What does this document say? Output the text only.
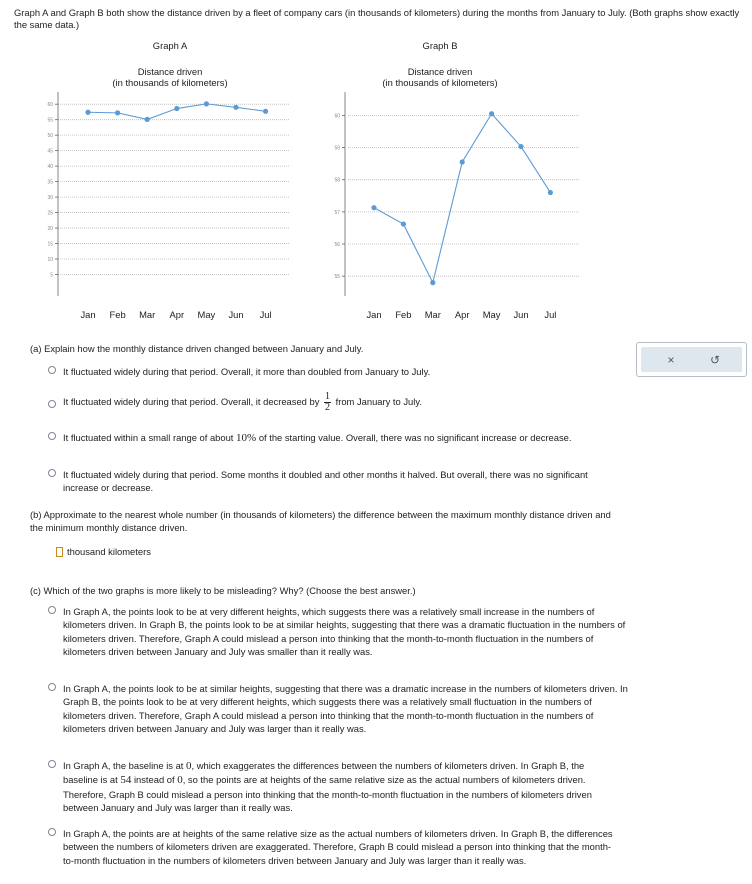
Graph A and Graph B both show the distance driven by a fleet of company cars (in thousands of kilometers) during the months from January to July. (Both graphs show exactly the same data.)
Graph A
Distance driven
(in thousands of kilometers)
5
10
15
20
25
30
35
40
45
50
55
60
Jan Feb Mar Apr May Jun Jul
Graph B
Distance driven
(in thousands of kilometers)
55
56
57
58
59
60
Jan Feb Mar Apr May Jun Jul
(a) Explain how the monthly distance driven changed between January and July.
It fluctuated widely during that period. Overall, it more than doubled from January to July.
It fluctuated widely during that period. Overall, it decreased by $\frac{1}{2}$ from January to July.
It fluctuated within a small range of about 10% of the starting value. Overall, there was no significant increase or decrease.
It fluctuated widely during that period. Some months it doubled and other months it halved. But overall, there was no significant increase or decrease.
(b) Approximate to the nearest whole number (in thousands of kilometers) the difference between the maximum monthly distance driven and the minimum monthly distance driven.
thousand kilometers
(c) Which of the two graphs is more likely to be misleading? Why? (Choose the best answer.)
In Graph A, the points look to be at very different heights, which suggests there was a relatively small increase in the numbers of kilometers driven. In Graph B, the points look to be at similar heights, suggesting that there was a dramatic fluctuation in the numbers of kilometers driven. Therefore, Graph A could mislead a person into thinking that the month-to-month fluctuation in the numbers of kilometers driven between January and July was smaller than it really was.
In Graph A, the points look to be at similar heights, suggesting that there was a dramatic increase in the numbers of kilometers driven. In Graph B, the points look to be at very different heights, which suggests there was a relatively small fluctuation in the numbers of kilometers driven. Therefore, Graph A could mislead a person into thinking that the month-to-month fluctuation in the numbers of kilometers driven between January and July was larger than it really was.
In Graph A, the baseline is at 0, which exaggerates the differences between the numbers of kilometers driven. In Graph B, the baseline is at 54 instead of 0, so the points are at heights of the same relative size as the actual numbers of kilometers driven. Therefore, Graph B could mislead a person into thinking that the month-to-month fluctuation in the numbers of kilometers driven between January and July was larger than it really was.
In Graph A, the points are at heights of the same relative size as the actual numbers of kilometers driven. In Graph B, the differences between the numbers of kilometers driven are exaggerated. Therefore, Graph B could mislead a person into thinking that the month-to-month fluctuation in the numbers of kilometers driven between January and July was larger than it really was.
×	↺
